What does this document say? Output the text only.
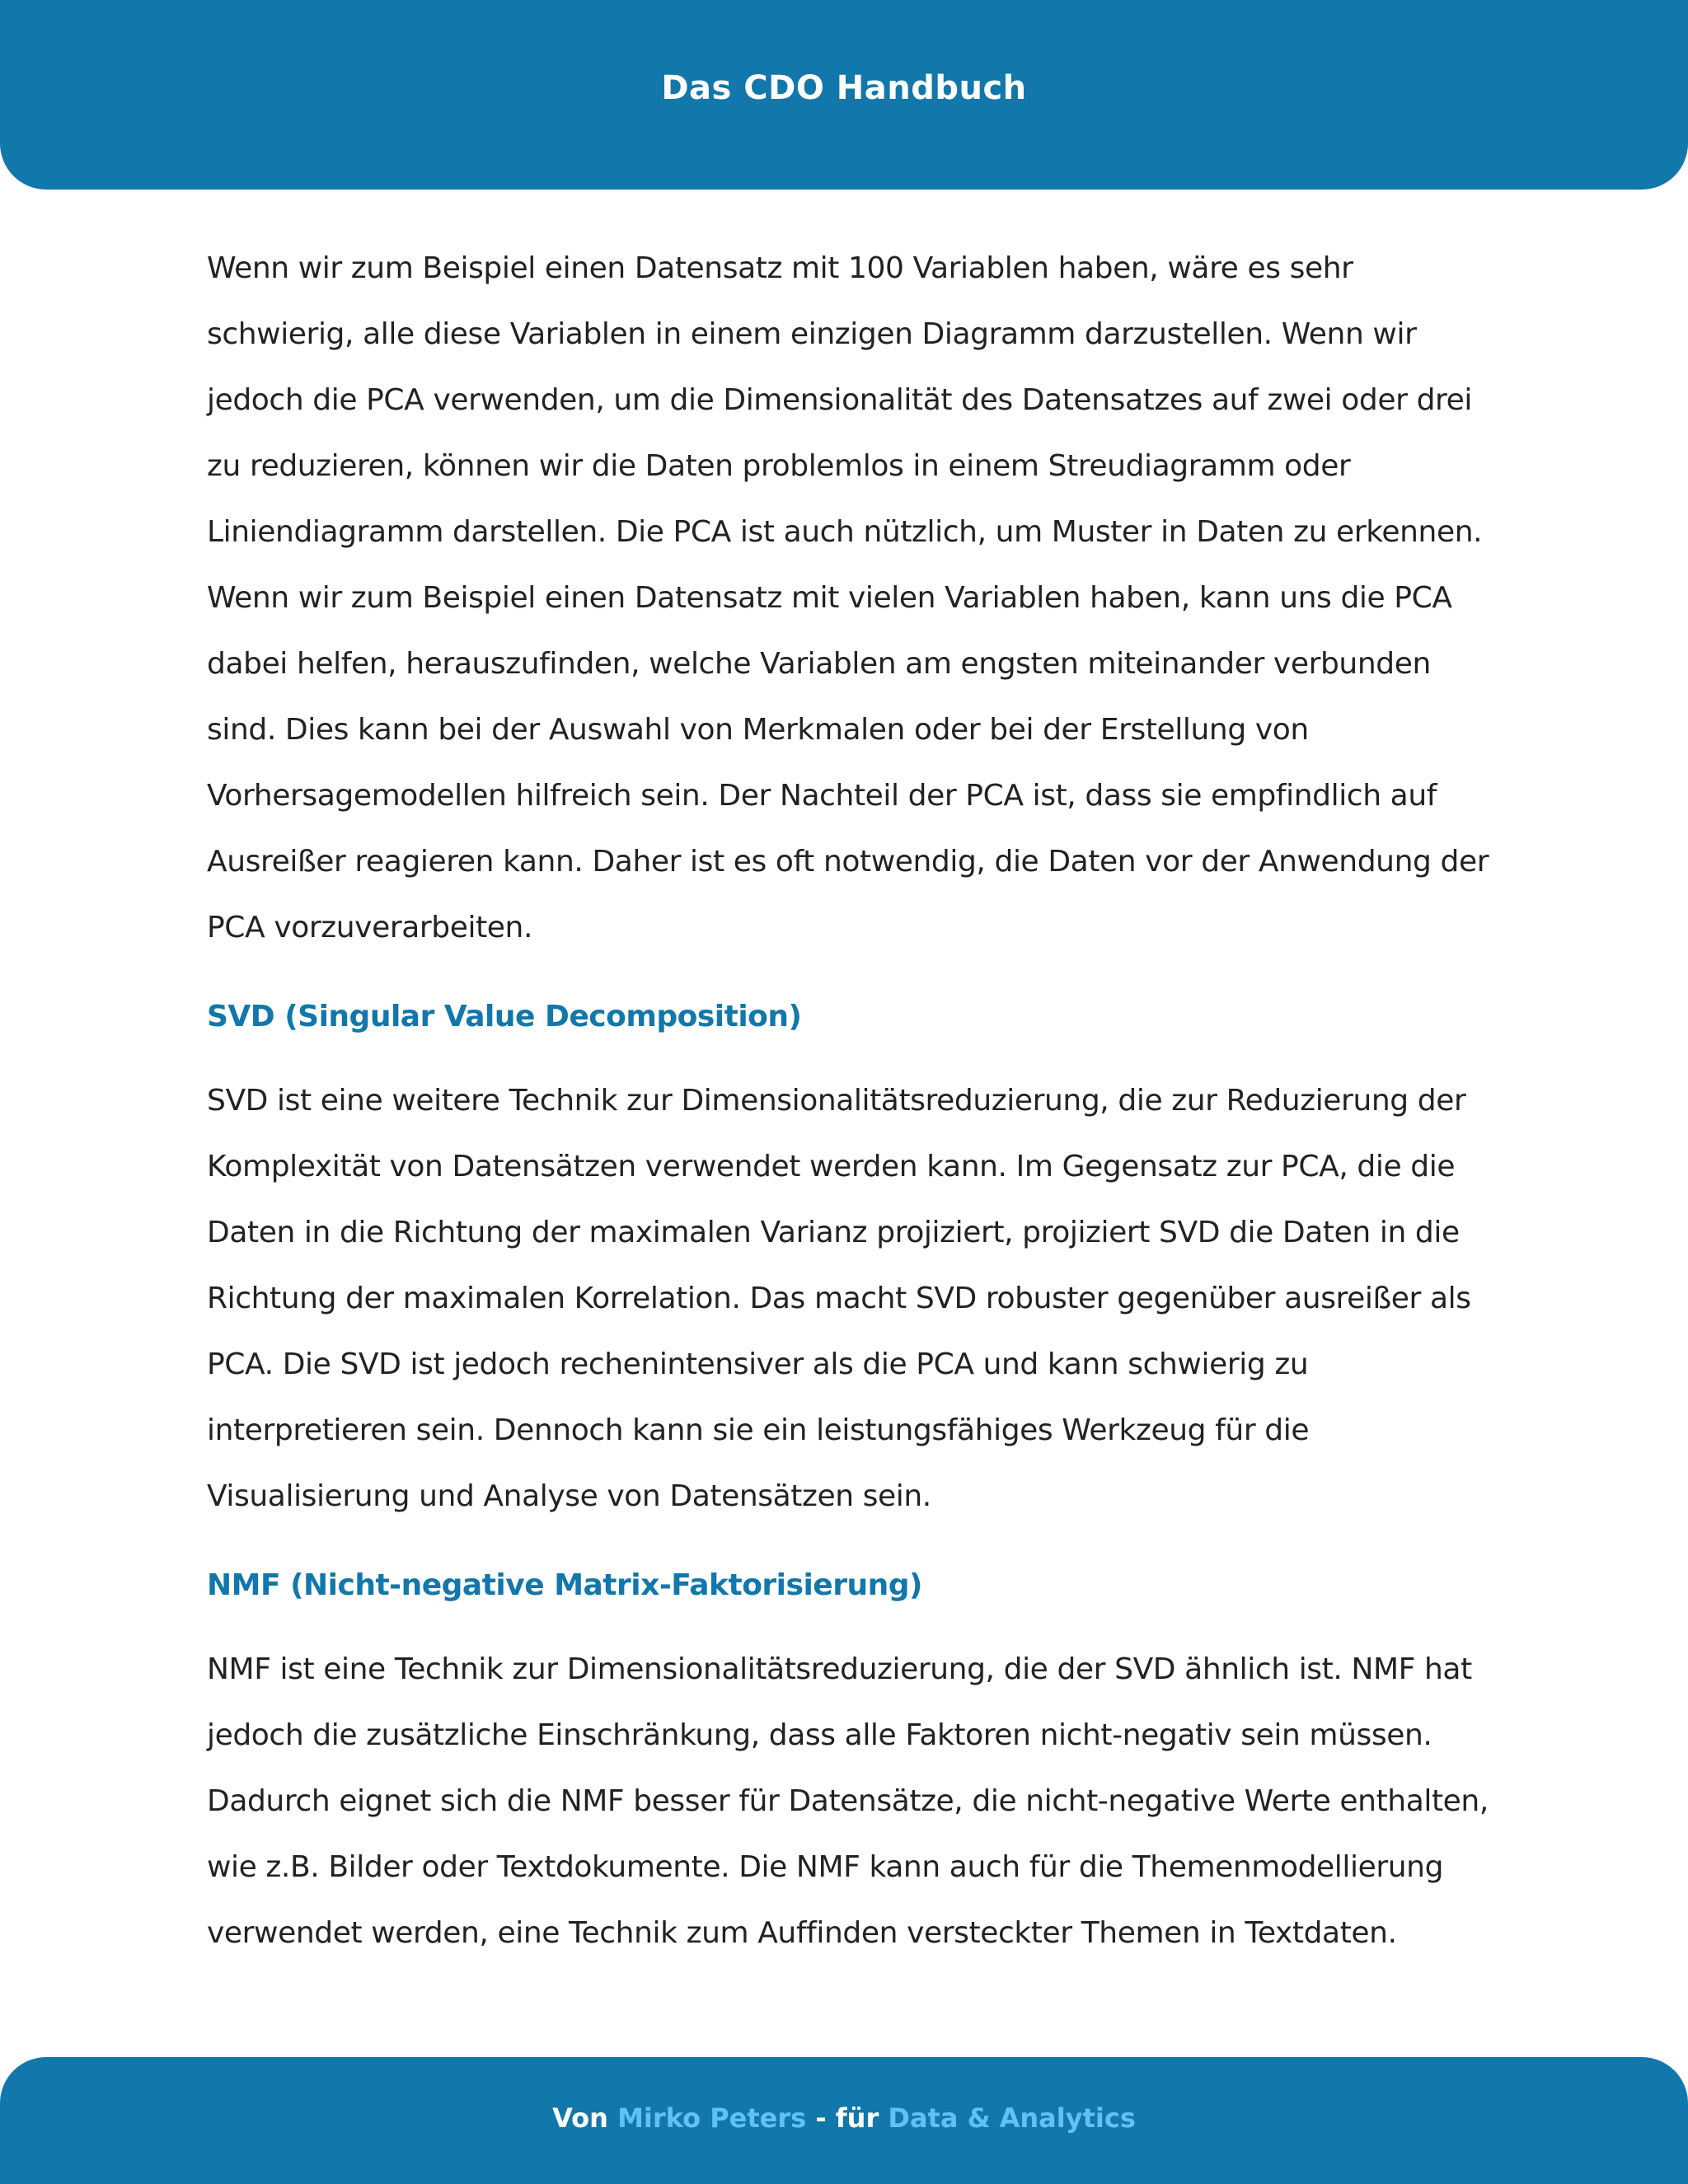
Das CDO Handbuch

Wenn wir zum Beispiel einen Datensatz mit 100 Variablen haben, wäre es sehr schwierig, alle diese Variablen in einem einzigen Diagramm darzustellen. Wenn wir jedoch die PCA verwenden, um die Dimensionalität des Datensatzes auf zwei oder drei zu reduzieren, können wir die Daten problemlos in einem Streudiagramm oder Liniendiagramm darstellen. Die PCA ist auch nützlich, um Muster in Daten zu erkennen. Wenn wir zum Beispiel einen Datensatz mit vielen Variablen haben, kann uns die PCA dabei helfen, herauszufinden, welche Variablen am engsten miteinander verbunden sind. Dies kann bei der Auswahl von Merkmalen oder bei der Erstellung von Vorhersagemodellen hilfreich sein. Der Nachteil der PCA ist, dass sie empfindlich auf Ausreißer reagieren kann. Daher ist es oft notwendig, die Daten vor der Anwendung der PCA vorzuverarbeiten.

SVD (Singular Value Decomposition)

SVD ist eine weitere Technik zur Dimensionalitätsreduzierung, die zur Reduzierung der Komplexität von Datensätzen verwendet werden kann. Im Gegensatz zur PCA, die die Daten in die Richtung der maximalen Varianz projiziert, projiziert SVD die Daten in die Richtung der maximalen Korrelation. Das macht SVD robuster gegenüber ausreißer als PCA. Die SVD ist jedoch rechenintensiver als die PCA und kann schwierig zu interpretieren sein. Dennoch kann sie ein leistungsfähiges Werkzeug für die Visualisierung und Analyse von Datensätzen sein.

NMF (Nicht-negative Matrix-Faktorisierung)

NMF ist eine Technik zur Dimensionalitätsreduzierung, die der SVD ähnlich ist. NMF hat jedoch die zusätzliche Einschränkung, dass alle Faktoren nicht-negativ sein müssen. Dadurch eignet sich die NMF besser für Datensätze, die nicht-negative Werte enthalten, wie z.B. Bilder oder Textdokumente. Die NMF kann auch für die Themenmodellierung verwendet werden, eine Technik zum Auffinden versteckter Themen in Textdaten.

Von Mirko Peters - für Data & Analytics
